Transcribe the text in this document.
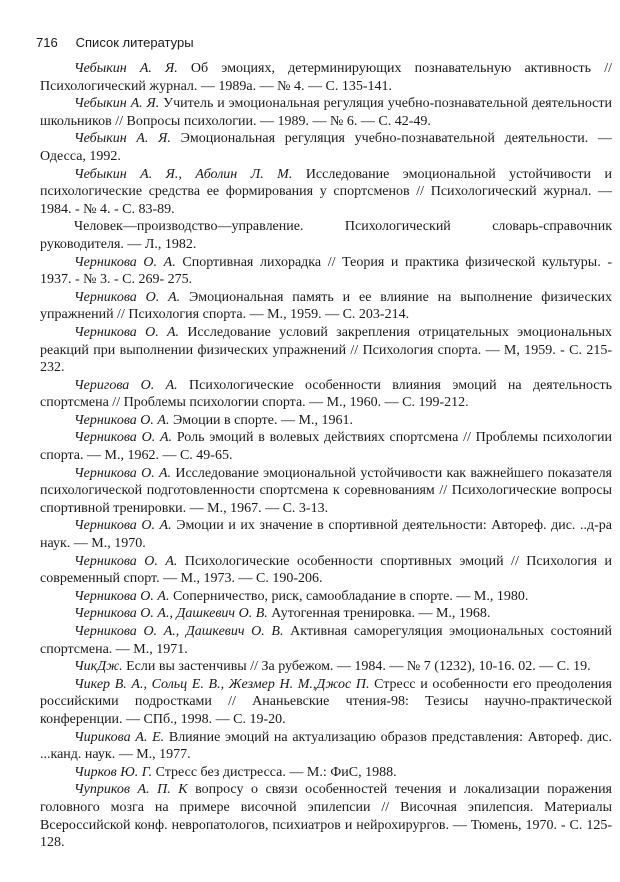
716 Список литературы

Чебыкин А. Я. Об эмоциях, детерминирующих познавательную активность // Психологический журнал. — 1989а. — № 4. — С. 135-141.

Чебыкин А. Я. Учитель и эмоциональная регуляция учебно-познавательной деятельности школьников // Вопросы психологии. — 1989. — № 6. — С. 42-49.

Чебыкин А. Я. Эмоциональная регуляция учебно-познавательной деятельности. — Одесса, 1992.

Чебыкин А. Я., Аболин Л. М. Исследование эмоциональной устойчивости и психологические средства ее формирования у спортсменов // Психологический журнал. — 1984. - № 4. - С. 83-89.

Человек—производство—управление. Психологический словарь-справочник руководителя. — Л., 1982.

Черникова О. А. Спортивная лихорадка // Теория и практика физической культуры. - 1937. - № 3. - С. 269- 275.

Черникова О. А. Эмоциональная память и ее влияние на выполнение физических упражнений // Психология спорта. — М., 1959. — С. 203-214.

Черникова О. А. Исследование условий закрепления отрицательных эмоциональных реакций при выполнении физических упражнений // Психология спорта. — М, 1959. - С. 215-232.

Черигова О. А. Психологические особенности влияния эмоций на деятельность спортсмена // Проблемы психологии спорта. — М., 1960. — С. 199-212.

Черникова О. А. Эмоции в спорте. — М., 1961.

Черникова О. А. Роль эмоций в волевых действиях спортсмена // Проблемы психологии спорта. — М., 1962. — С. 49-65.

Черникова О. А. Исследование эмоциональной устойчивости как важнейшего показателя психологической подготовленности спортсмена к соревнованиям // Психологические вопросы спортивной тренировки. — М., 1967. — С. 3-13.

Черникова О. А. Эмоции и их значение в спортивной деятельности: Автореф. дис. ..д-ра наук. — М., 1970.

Черникова О. А. Психологические особенности спортивных эмоций // Психология и современный спорт. — М., 1973. — С. 190-206.

Черникова О. А. Соперничество, риск, самообладание в спорте. — М., 1980.

Черникова О. А., Дашкевич О. В. Аутогенная тренировка. — М., 1968.

Черникова О. А., Дашкевич О. В. Активная саморегуляция эмоциональных состояний спортсмена. — М., 1971.

ЧикДж. Если вы застенчивы // За рубежом. — 1984. — № 7 (1232), 10-16. 02. — С. 19.

Чикер В. А., Сольц Е. В., Жезмер Н. М.,Джос П. Стресс и особенности его преодоления российскими подростками // Ананьевские чтения-98: Тезисы научно-практической конференции. — СПб., 1998. — С. 19-20.

Чирикова А. Е. Влияние эмоций на актуализацию образов представления: Автореф. дис. ...канд. наук. — М., 1977.

Чирков Ю. Г. Стресс без дистресса. — М.: ФиС, 1988.

Чуприков А. П. К вопросу о связи особенностей течения и локализации поражения головного мозга на примере височной эпилепсии // Височная эпилепсия. Материалы Всероссийской конф. невропатологов, психиатров и нейрохирургов. — Тюмень, 1970. - С. 125-128.
